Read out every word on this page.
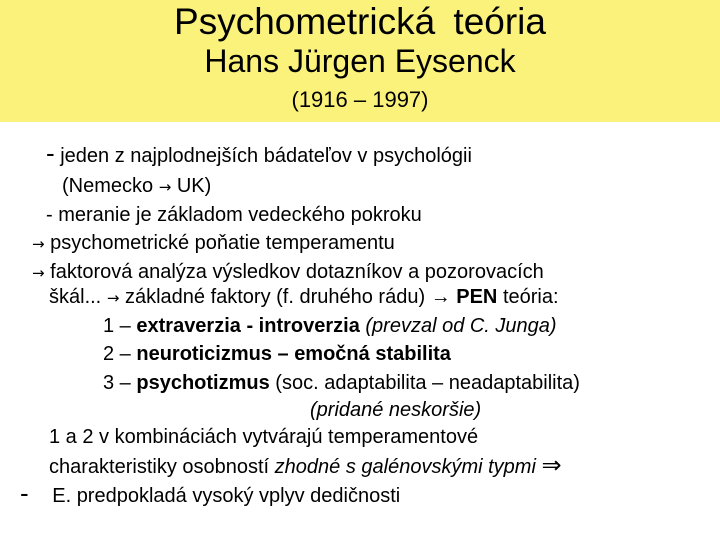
Psychometrická teória
Hans Jürgen Eysenck
(1916 – 1997)
- jeden z najplodnejších bádateľov v psychológii
(Nemecko → UK)
- meranie je základom vedeckého pokroku
→ psychometrické poňatie temperamentu
→ faktorová analýza výsledkov dotazníkov a pozorovacích
škál... → základné faktory (f. druhého rádu) → PEN teória:
1 – extraverzia - introverzia (prevzal od C. Junga)
2 – neuroticizmus – emočná stabilita
3 – psychotizmus (soc. adaptabilita – neadaptabilita)
(pridané neskoršie)
1 a 2 v kombináciách vytvárajú temperamentové
charakteristiky osobností zhodné s galénovskými typmi ⇒
- E. predpokladá vysoký vplyv dedičnosti
